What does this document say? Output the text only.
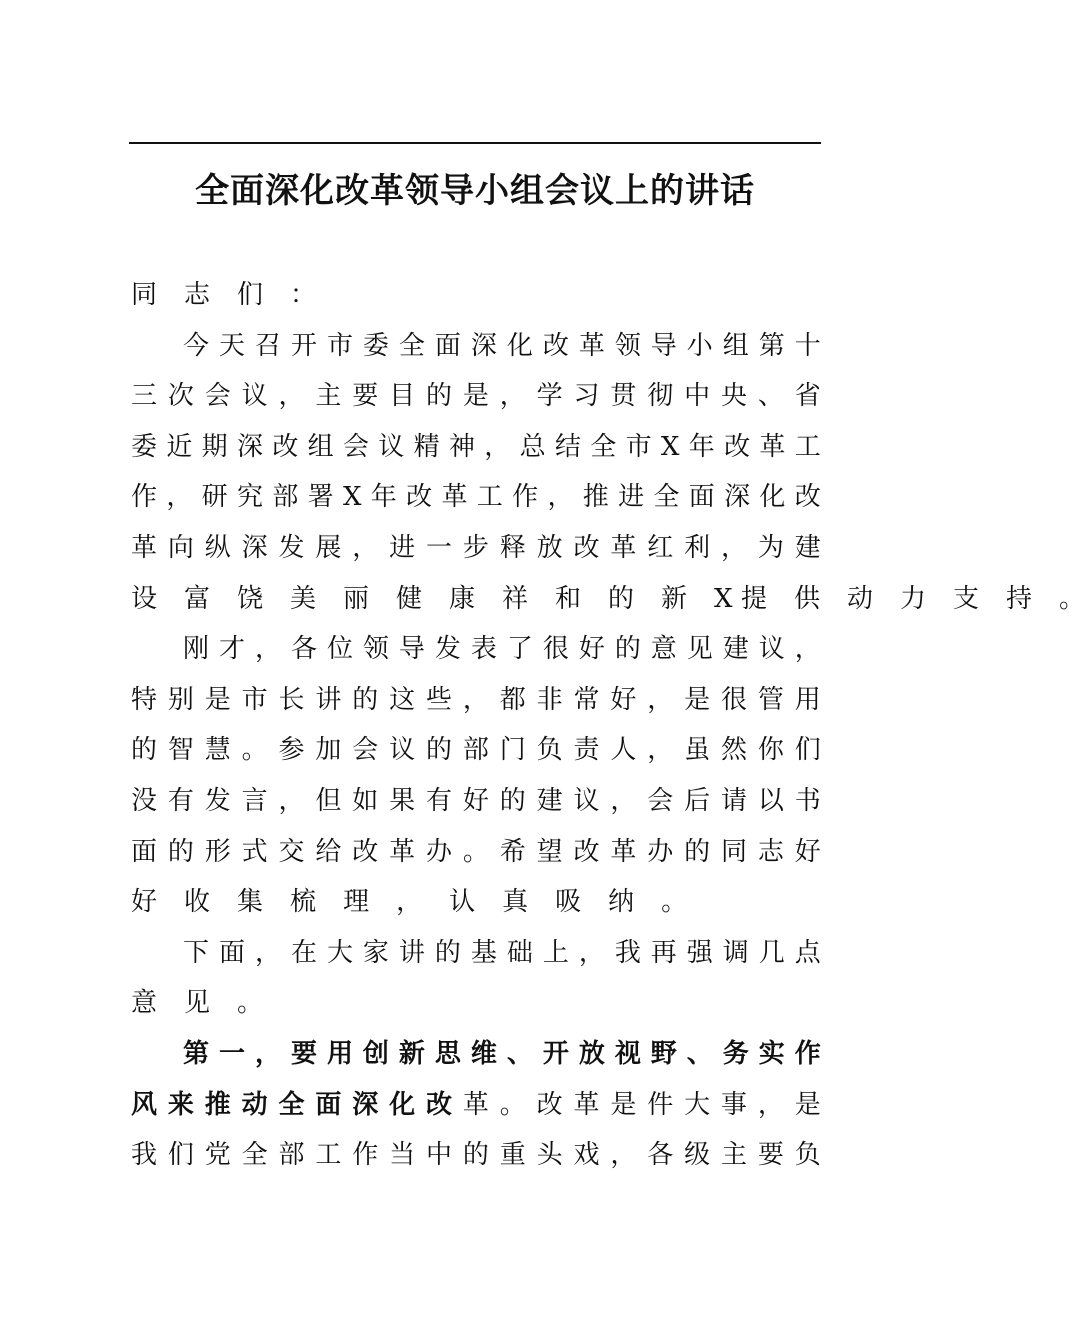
全面深化改革领导小组会议上的讲话
同 志 们 ：
今 天 召 开 市 委 全 面 深 化 改 革 领 导 小 组 第 十
三 次 会 议 ， 主 要 目 的 是 ， 学 习 贯 彻 中 央 、 省
委 近 期 深 改 组 会 议 精 神 ， 总 结 全 市 X 年 改 革 工
作 ， 研 究 部 署 X 年 改 革 工 作 ， 推 进 全 面 深 化 改
革 向 纵 深 发 展 ， 进 一 步 释 放 改 革 红 利 ， 为 建
设 富 饶 美 丽 健 康 祥 和 的 新 X 提 供 动 力 支 持 。
刚 才 ， 各 位 领 导 发 表 了 很 好 的 意 见 建 议 ，
特 别 是 市 长 讲 的 这 些 ， 都 非 常 好 ， 是 很 管 用
的 智 慧 。 参 加 会 议 的 部 门 负 责 人 ， 虽 然 你 们
没 有 发 言 ， 但 如 果 有 好 的 建 议 ， 会 后 请 以 书
面 的 形 式 交 给 改 革 办 。 希 望 改 革 办 的 同 志 好
好 收 集 梳 理 ， 认 真 吸 纳 。
下 面 ， 在 大 家 讲 的 基 础 上 ， 我 再 强 调 几 点
意 见 。
第 一 ， 要 用 创 新 思 维 、 开 放 视 野 、 务 实 作
风 来 推 动 全 面 深 化 改 革 。 改 革 是 件 大 事 ， 是
我 们 党 全 部 工 作 当 中 的 重 头 戏 ， 各 级 主 要 负
